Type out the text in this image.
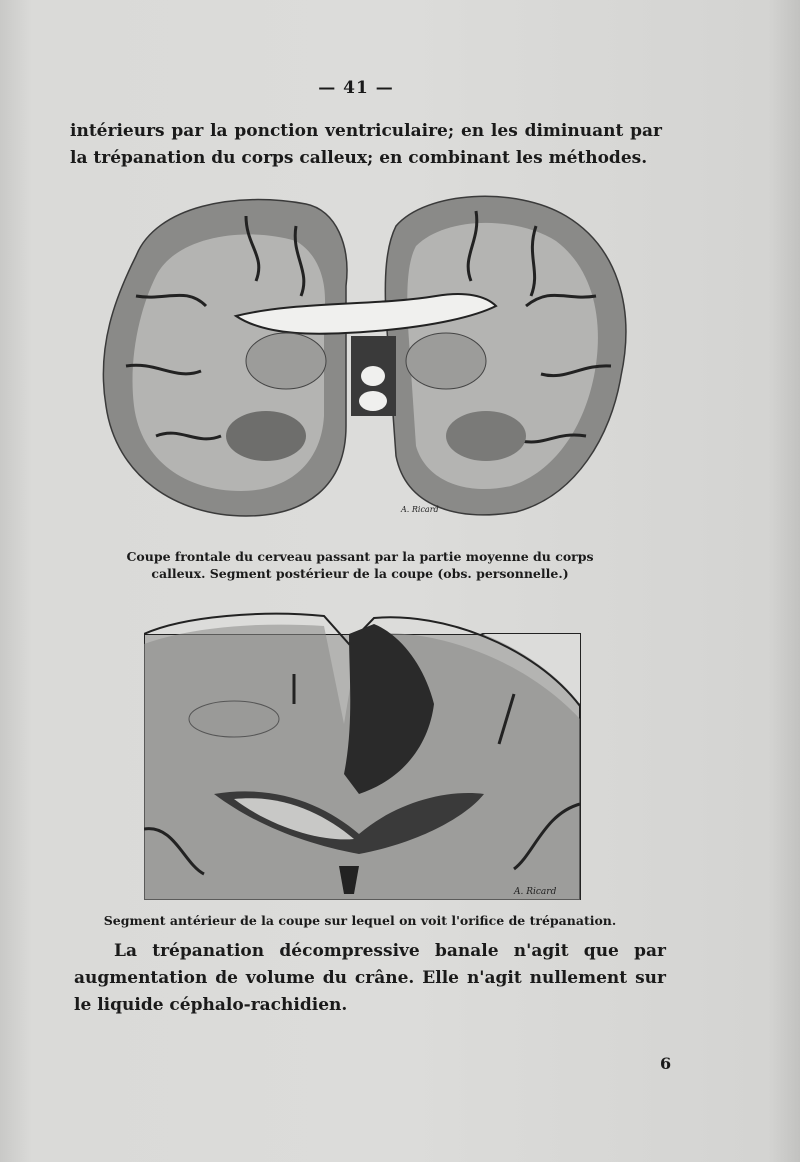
— 41 —
intérieurs par la ponction ventriculaire; en les diminuant par la trépanation du corps calleux; en combinant les méthodes.
A. Ricard
Coupe frontale du cerveau passant par la partie moyenne du corps calleux. Segment postérieur de la coupe (obs. personnelle.)
A. Ricard
Segment antérieur de la coupe sur lequel on voit l'orifice de trépanation.
La trépanation décompressive banale n'agit que par augmentation de volume du crâne. Elle n'agit nullement sur le liquide céphalo-rachidien.
6
